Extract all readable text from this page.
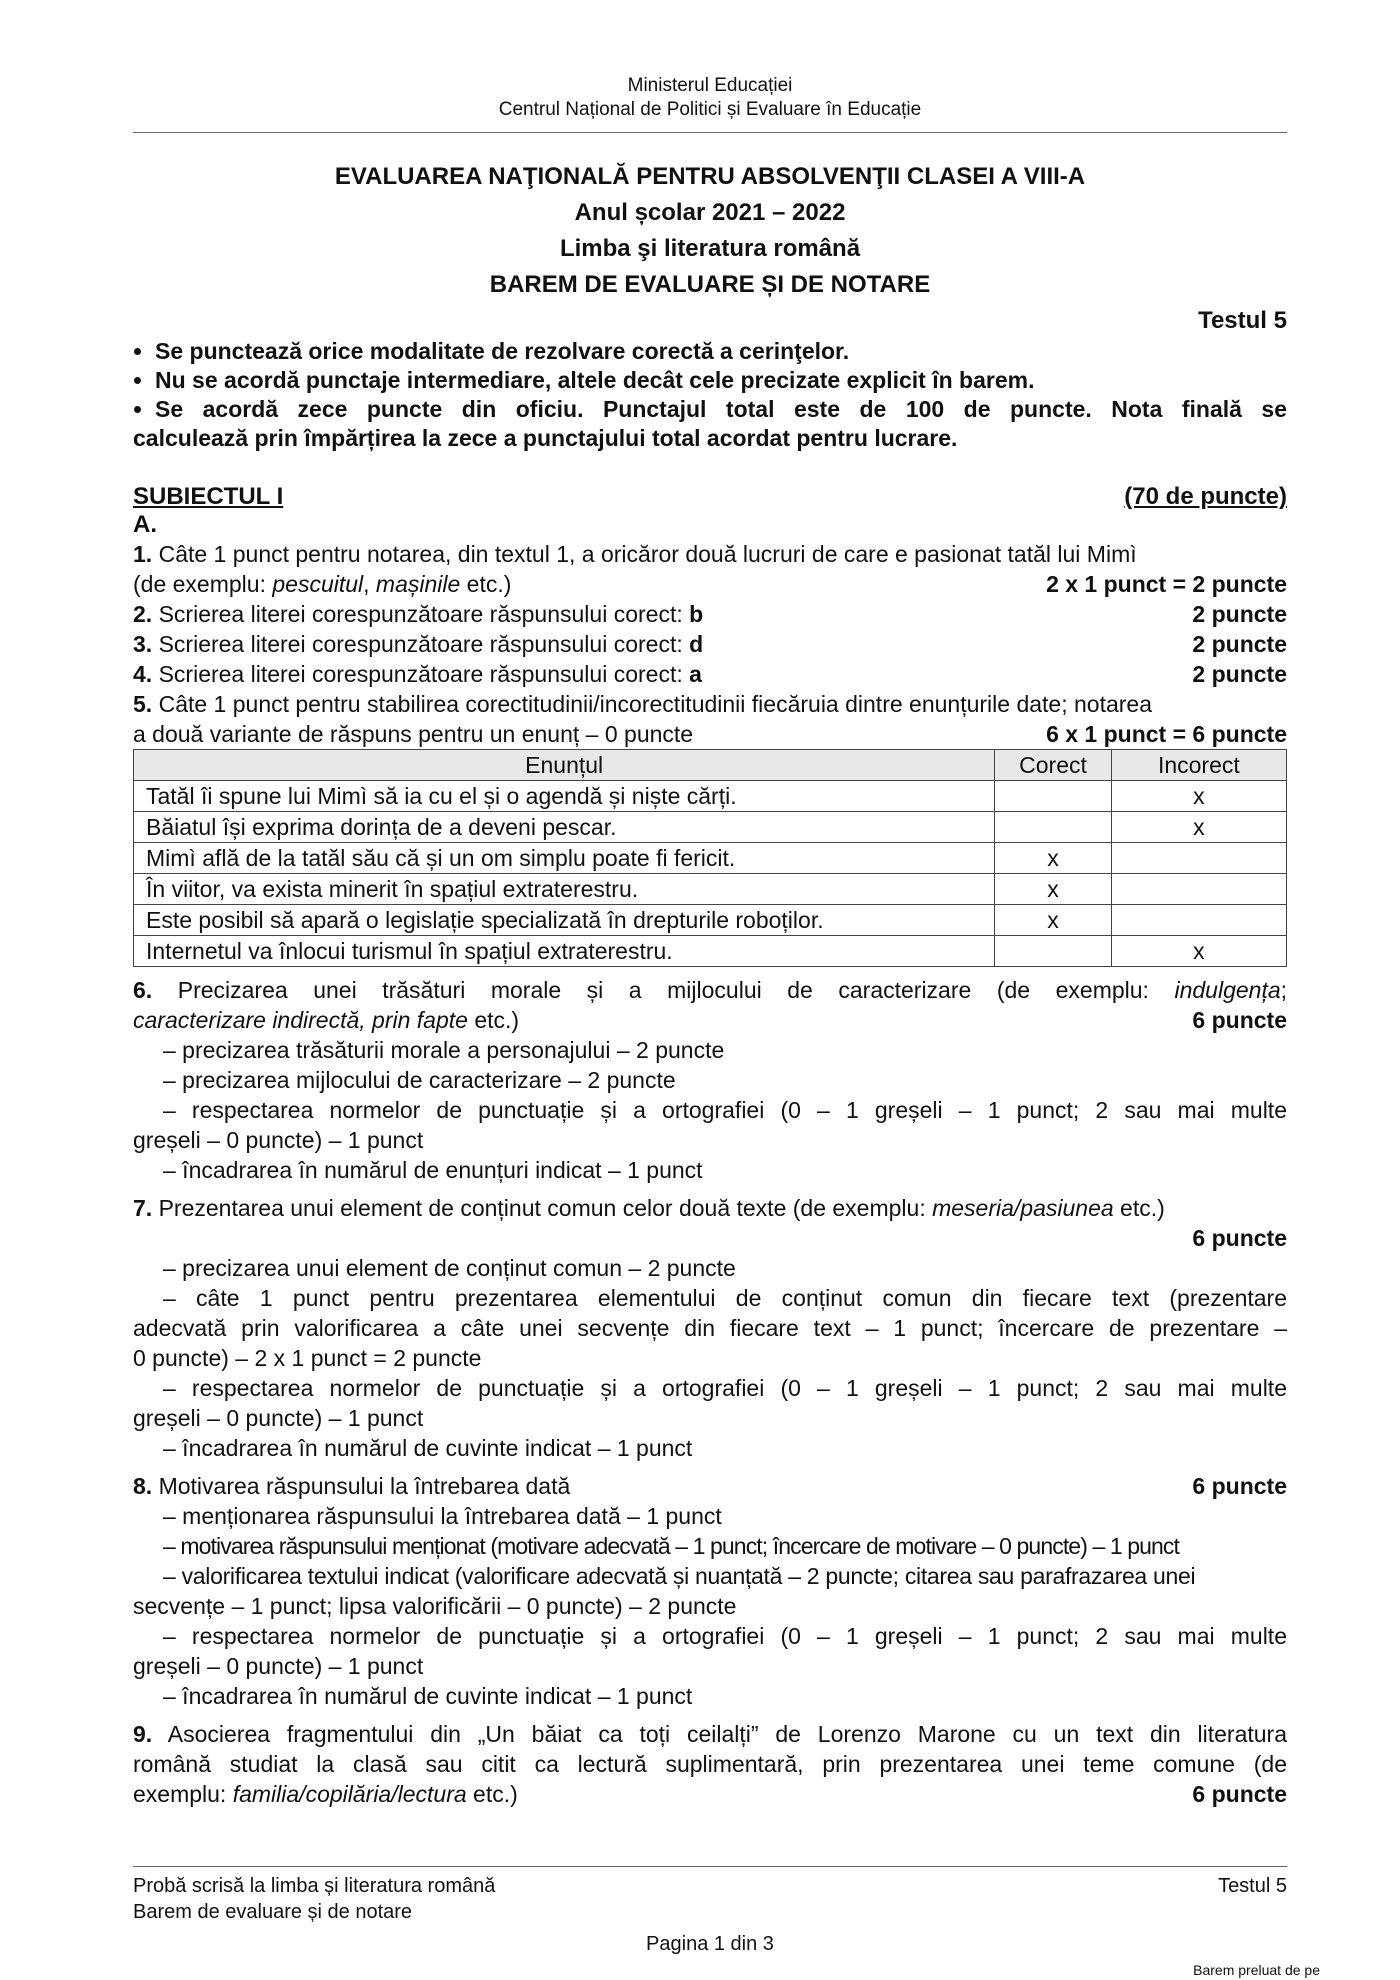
Ministerul Educației
Centrul Național de Politici și Evaluare în Educație
EVALUAREA NAŢIONALĂ PENTRU ABSOLVENŢII CLASEI A VIII-A
Anul școlar 2021 – 2022
Limba şi literatura română
BAREM DE EVALUARE ȘI DE NOTARE
Testul 5
• Se punctează orice modalitate de rezolvare corectă a cerinţelor.
• Nu se acordă punctaje intermediare, altele decât cele precizate explicit în barem.
• Se acordă zece puncte din oficiu. Punctajul total este de 100 de puncte. Nota finală se
calculează prin împărțirea la zece a punctajului total acordat pentru lucrare.
SUBIECTUL I	(70 de puncte)
A.
1. Câte 1 punct pentru notarea, din textul 1, a oricăror două lucruri de care e pasionat tatăl lui Mimì
(de exemplu: pescuitul, mașinile etc.)	2 x 1 punct = 2 puncte
2. Scrierea literei corespunzătoare răspunsului corect: b	2 puncte
3. Scrierea literei corespunzătoare răspunsului corect: d	2 puncte
4. Scrierea literei corespunzătoare răspunsului corect: a	2 puncte
5. Câte 1 punct pentru stabilirea corectitudinii/incorectitudinii fiecăruia dintre enunțurile date; notarea
a două variante de răspuns pentru un enunț – 0 puncte	6 x 1 punct = 6 puncte
Enunțul	Corect	Incorect
Tatăl îi spune lui Mimì să ia cu el și o agendă și niște cărți.		x
Băiatul își exprima dorința de a deveni pescar.		x
Mimì află de la tatăl său că și un om simplu poate fi fericit.	x	
În viitor, va exista minerit în spațiul extraterestru.	x	
Este posibil să apară o legislație specializată în drepturile roboților.	x	
Internetul va înlocui turismul în spațiul extraterestru.		x
6. Precizarea unei trăsături morale și a mijlocului de caracterizare (de exemplu: indulgența;
caracterizare indirectă, prin fapte etc.)	6 puncte
– precizarea trăsăturii morale a personajului – 2 puncte
– precizarea mijlocului de caracterizare – 2 puncte
– respectarea normelor de punctuație și a ortografiei (0 – 1 greșeli – 1 punct; 2 sau mai multe
greșeli – 0 puncte) – 1 punct
– încadrarea în numărul de enunțuri indicat – 1 punct
7. Prezentarea unui element de conținut comun celor două texte (de exemplu: meseria/pasiunea etc.)
6 puncte
– precizarea unui element de conținut comun – 2 puncte
– câte 1 punct pentru prezentarea elementului de conținut comun din fiecare text (prezentare
adecvată prin valorificarea a câte unei secvențe din fiecare text – 1 punct; încercare de prezentare –
0 puncte) – 2 x 1 punct = 2 puncte
– respectarea normelor de punctuație și a ortografiei (0 – 1 greșeli – 1 punct; 2 sau mai multe
greșeli – 0 puncte) – 1 punct
– încadrarea în numărul de cuvinte indicat – 1 punct
8. Motivarea răspunsului la întrebarea dată	6 puncte
– menționarea răspunsului la întrebarea dată – 1 punct
– motivarea răspunsului menționat (motivare adecvată – 1 punct; încercare de motivare – 0 puncte) – 1 punct
– valorificarea textului indicat (valorificare adecvată și nuanțată – 2 puncte; citarea sau parafrazarea unei
secvențe – 1 punct; lipsa valorificării – 0 puncte) – 2 puncte
– respectarea normelor de punctuație și a ortografiei (0 – 1 greșeli – 1 punct; 2 sau mai multe
greșeli – 0 puncte) – 1 punct
– încadrarea în numărul de cuvinte indicat – 1 punct
9. Asocierea fragmentului din „Un băiat ca toți ceilalți” de Lorenzo Marone cu un text din literatura
română studiat la clasă sau citit ca lectură suplimentară, prin prezentarea unei teme comune (de
exemplu: familia/copilăria/lectura etc.)	6 puncte
Probă scrisă la limba și literatura română	Testul 5
Barem de evaluare și de notare
Pagina 1 din 3
Barem preluat de pe
